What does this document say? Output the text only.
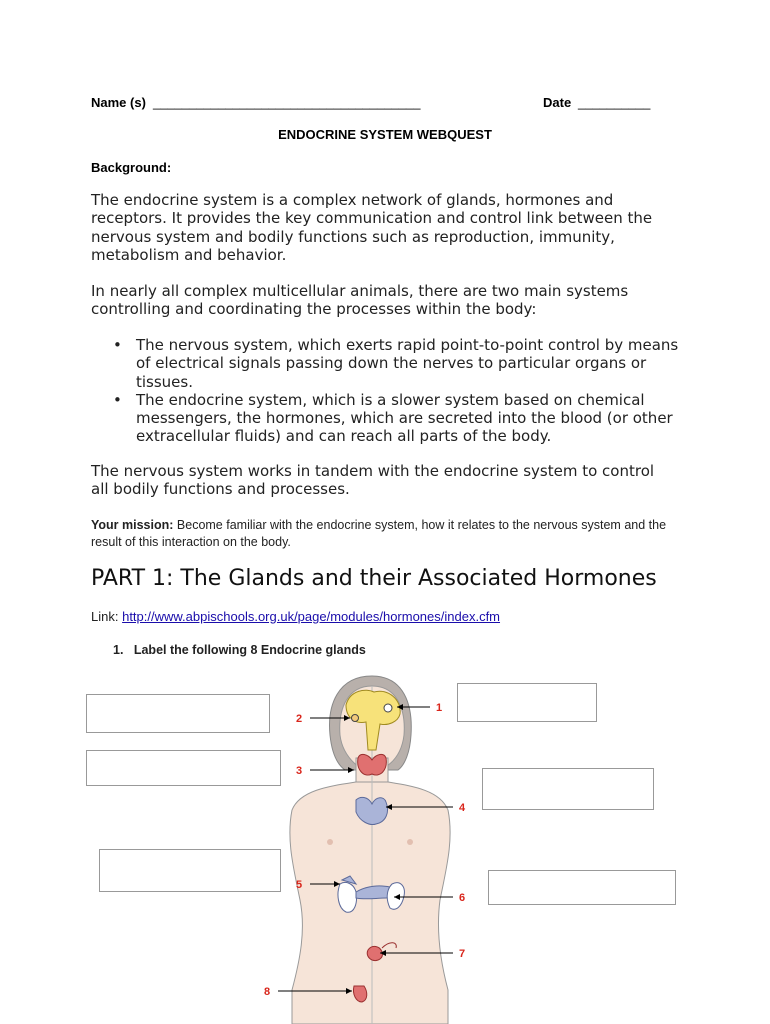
Name (s) _____________________________________	Date __________
ENDOCRINE SYSTEM WEBQUEST
Background:
The endocrine system is a complex network of glands, hormones and receptors. It provides the key communication and control link between the nervous system and bodily functions such as reproduction, immunity, metabolism and behavior.
In nearly all complex multicellular animals, there are two main systems controlling and coordinating the processes within the body:
• The nervous system, which exerts rapid point-to-point control by means of electrical signals passing down the nerves to particular organs or tissues.
• The endocrine system, which is a slower system based on chemical messengers, the hormones, which are secreted into the blood (or other extracellular fluids) and can reach all parts of the body.
The nervous system works in tandem with the endocrine system to control all bodily functions and processes.
Your mission: Become familiar with the endocrine system, how it relates to the nervous system and the result of this interaction on the body.
PART 1: The Glands and their Associated Hormones
Link: http://www.abpischools.org.uk/page/modules/hormones/index.cfm
1.   Label the following 8 Endocrine glands
1
2
3
4
5
6
7
8
